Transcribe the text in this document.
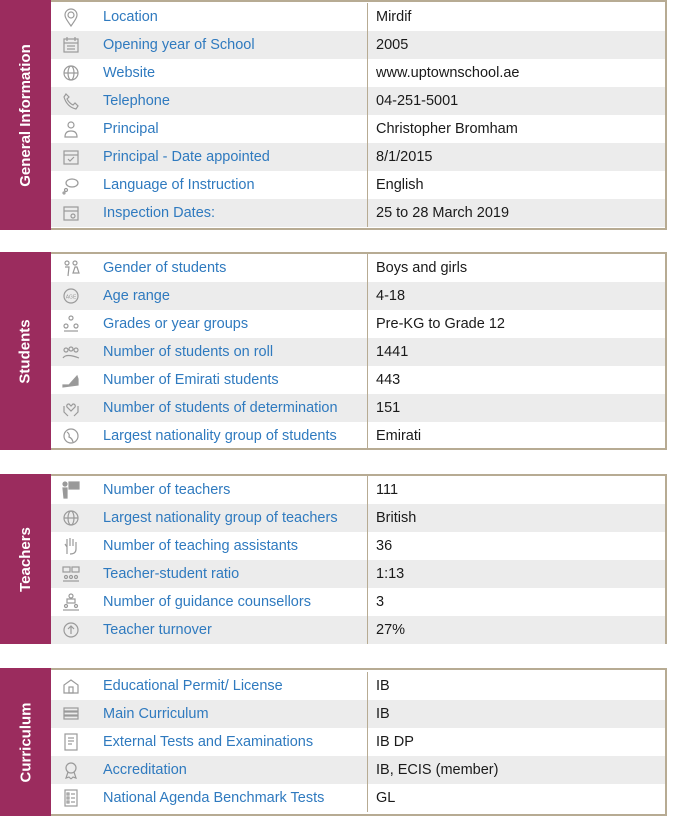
General Information
Location	Mirdif
Opening year of School	2005
Website	www.uptownschool.ae
Telephone	04-251-5001
Principal	Christopher Bromham
Principal - Date appointed	8/1/2015
Language of Instruction	English
Inspection Dates:	25 to 28 March 2019
Students
Gender of students	Boys and girls
AGE Age range	4-18
Grades or year groups	Pre-KG to Grade 12
Number of students on roll	1441
Number of Emirati students	443
Number of students of determination	151
Largest nationality group of students	Emirati
Teachers
Number of teachers	111
Largest nationality group of teachers	British
Number of teaching assistants	36
Teacher-student ratio	1:13
Number of guidance counsellors	3
Teacher turnover	27%
Curriculum
Educational Permit/ License	IB
Main Curriculum	IB
External Tests and Examinations	IB DP
Accreditation	IB, ECIS (member)
National Agenda Benchmark Tests	GL
